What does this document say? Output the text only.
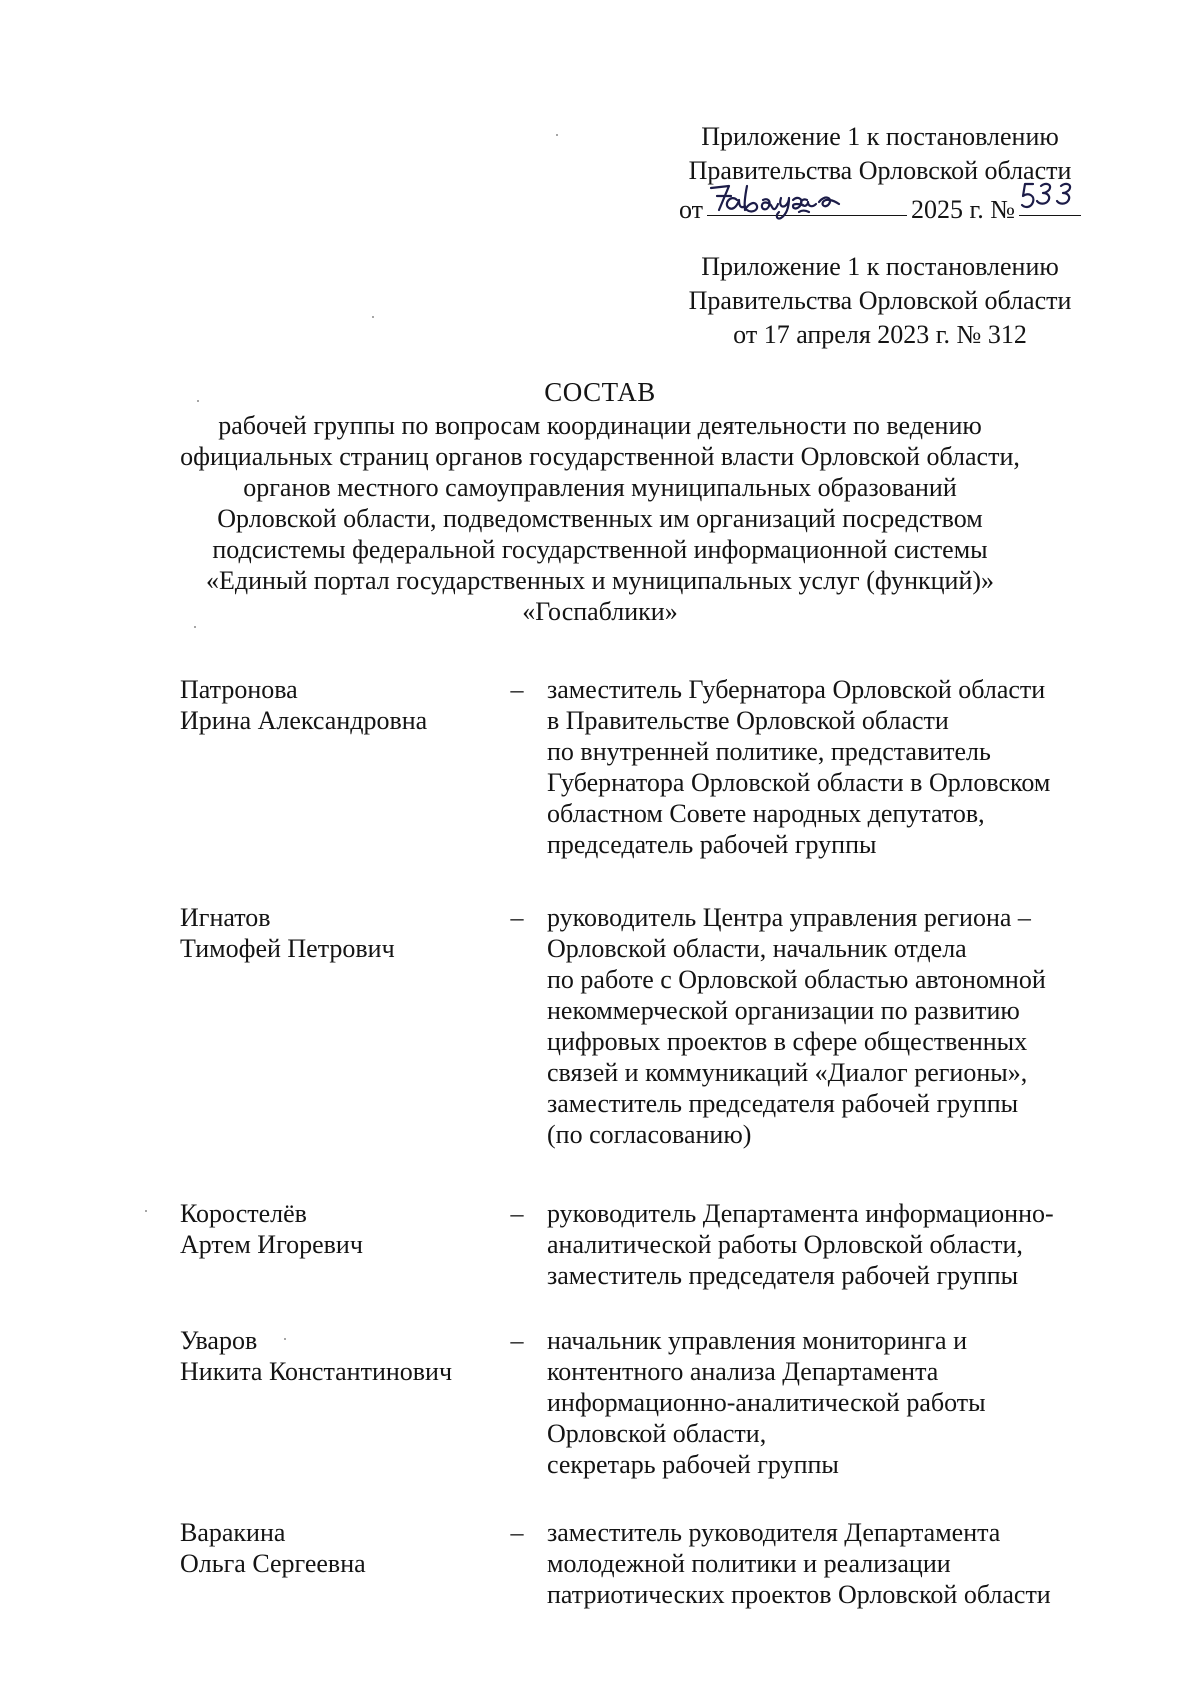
Приложение 1 к постановлению
Правительства Орловской области
от	2025 г. №
Приложение 1 к постановлению
Правительства Орловской области
от 17 апреля 2023 г. № 312
СОСТАВ
рабочей группы по вопросам координации деятельности по ведению
официальных страниц органов государственной власти Орловской области,
органов местного самоуправления муниципальных образований
Орловской области, подведомственных им организаций посредством
подсистемы федеральной государственной информационной системы
«Единый портал государственных и муниципальных услуг (функций)»
«Госпаблики»
Патронова
Ирина Александровна
– заместитель Губернатора Орловской области
в Правительстве Орловской области
по внутренней политике, представитель
Губернатора Орловской области в Орловском
областном Совете народных депутатов,
председатель рабочей группы
Игнатов
Тимофей Петрович
– руководитель Центра управления региона –
Орловской области, начальник отдела
по работе с Орловской областью автономной
некоммерческой организации по развитию
цифровых проектов в сфере общественных
связей и коммуникаций «Диалог регионы»,
заместитель председателя рабочей группы
(по согласованию)
Коростелёв
Артем Игоревич
– руководитель Департамента информационно-
аналитической работы Орловской области,
заместитель председателя рабочей группы
Уваров
Никита Константинович
– начальник управления мониторинга и
контентного анализа Департамента
информационно-аналитической работы
Орловской области,
секретарь рабочей группы
Варакина
Ольга Сергеевна
– заместитель руководителя Департамента
молодежной политики и реализации
патриотических проектов Орловской области
